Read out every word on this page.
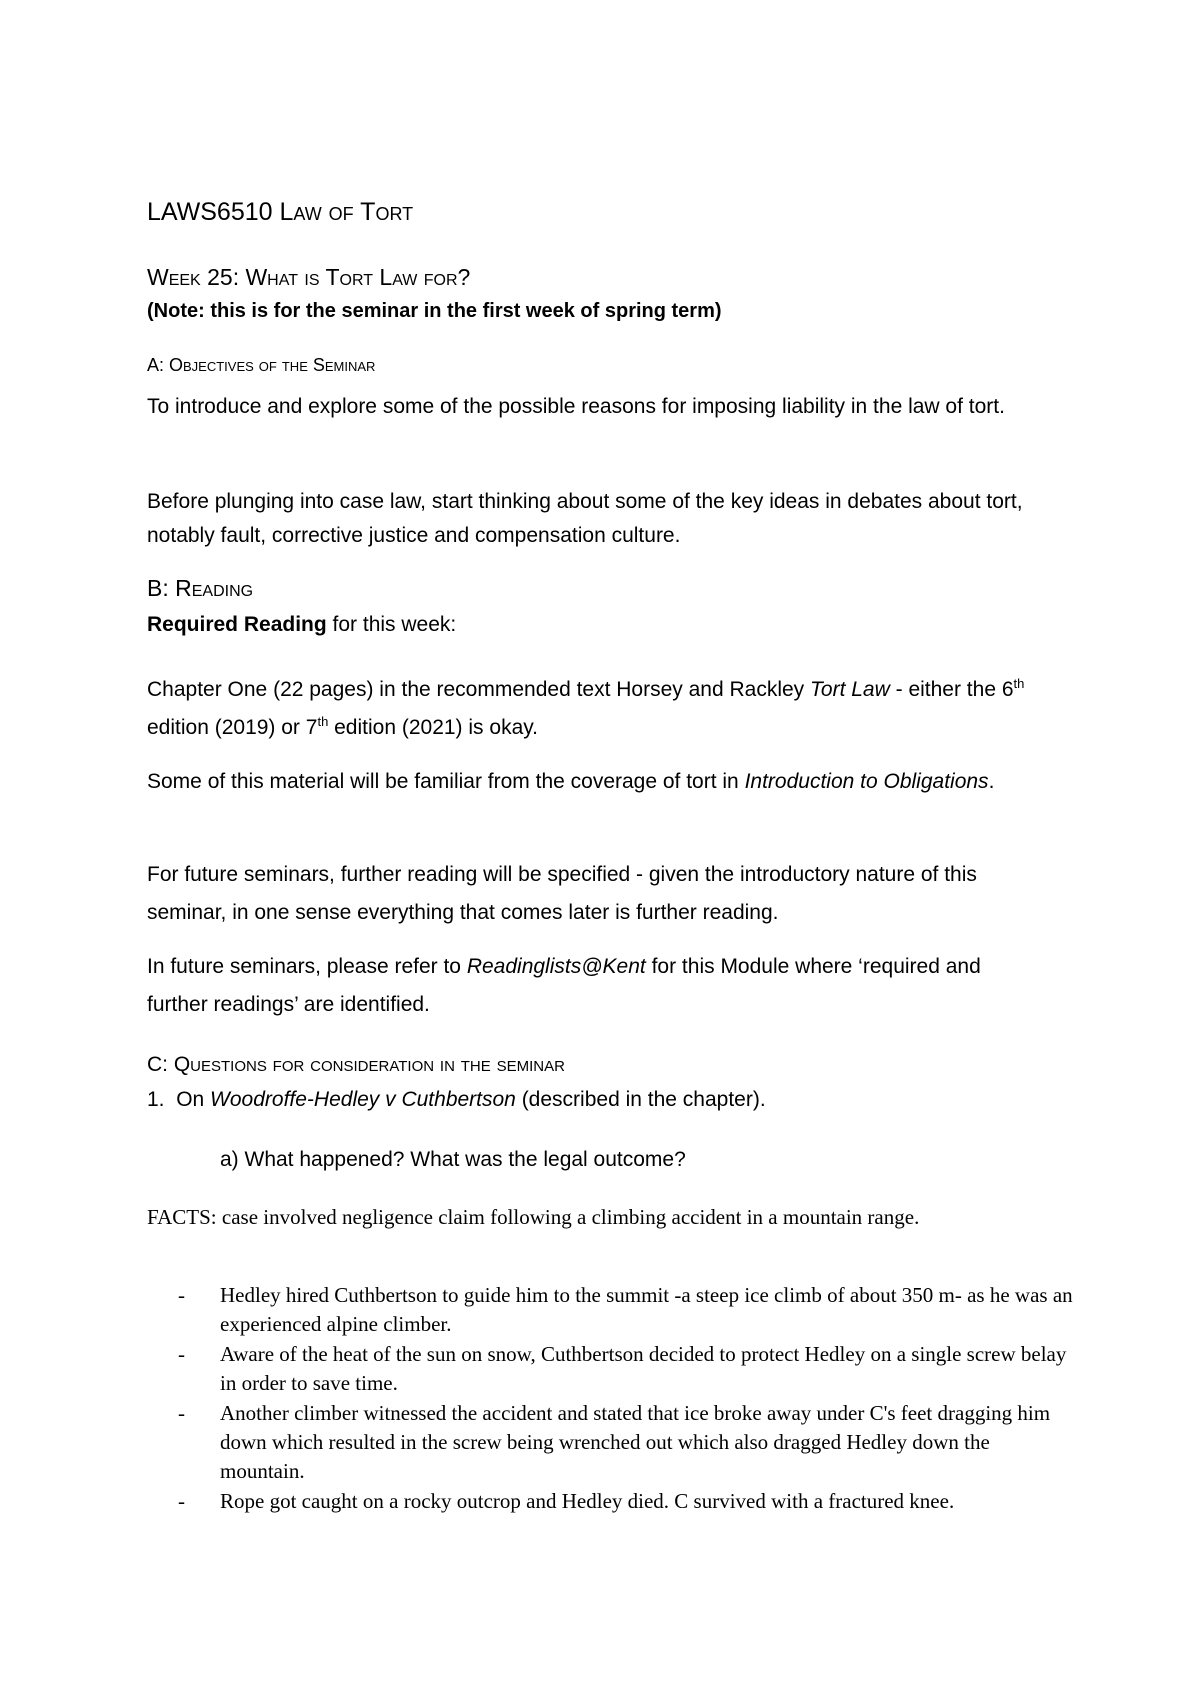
LAWS6510 Law of Tort
Week 25: What is Tort Law for?
(Note: this is for the seminar in the first week of spring term)
A: Objectives of the Seminar
To introduce and explore some of the possible reasons for imposing liability in the law of tort.
Before plunging into case law, start thinking about some of the key ideas in debates about tort, notably fault, corrective justice and compensation culture.
B: Reading
Required Reading for this week:
Chapter One (22 pages) in the recommended text Horsey and Rackley Tort Law - either the 6th edition (2019) or 7th edition (2021) is okay.
Some of this material will be familiar from the coverage of tort in Introduction to Obligations.
For future seminars, further reading will be specified - given the introductory nature of this seminar, in one sense everything that comes later is further reading.
In future seminars, please refer to Readinglists@Kent for this Module where ‘required and further readings’ are identified.
C: Questions for consideration in the seminar
1. On Woodroffe-Hedley v Cuthbertson (described in the chapter).
a) What happened? What was the legal outcome?
FACTS: case involved negligence claim following a climbing accident in a mountain range.
- Hedley hired Cuthbertson to guide him to the summit -a steep ice climb of about 350 m- as he was an experienced alpine climber.
- Aware of the heat of the sun on snow, Cuthbertson decided to protect Hedley on a single screw belay in order to save time.
- Another climber witnessed the accident and stated that ice broke away under C's feet dragging him down which resulted in the screw being wrenched out which also dragged Hedley down the mountain.
- Rope got caught on a rocky outcrop and Hedley died. C survived with a fractured knee.
